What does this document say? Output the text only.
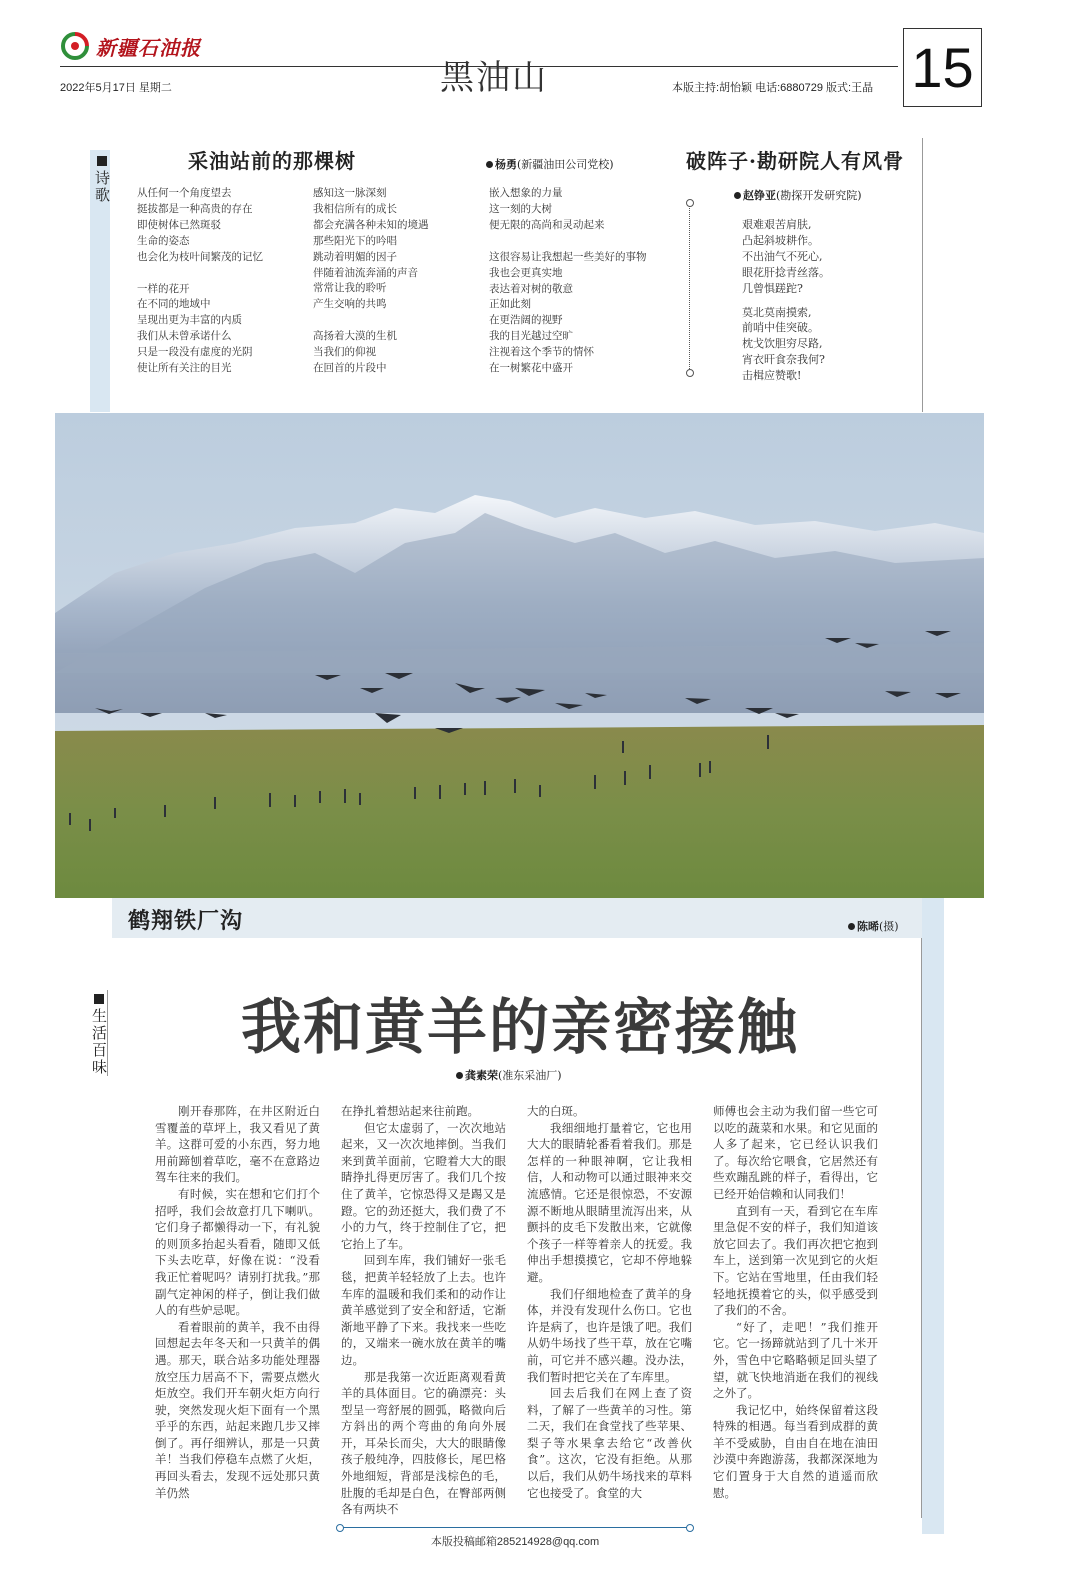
新疆石油报
黑油山
2022年5月17日 星期二	本版主持:胡怡颖 电话:6880729 版式:王晶 15
诗歌
采油站前的那棵树	杨勇(新疆油田公司党校)
从任何一个角度望去
挺拔都是一种高贵的存在
即使树体已然斑驳
生命的姿态
也会化为枝叶间繁茂的记忆
一样的花开
在不同的地域中
呈现出更为丰富的内质
我们从未曾承诺什么
只是一段没有虚度的光阴
使让所有关注的目光
感知这一脉深刻
我相信所有的成长
都会充满各种未知的境遇
那些阳光下的吟唱
跳动着明媚的因子
伴随着油流奔涌的声音
常常让我的聆听
产生交响的共鸣
高扬着大漠的生机
当我们的仰视
在回首的片段中
嵌入想象的力量
这一刻的大树
便无限的高尚和灵动起来
这很容易让我想起一些美好的事物
我也会更真实地
表达着对树的敬意
正如此刻
在更浩阔的视野
我的目光越过空旷
注视着这个季节的情怀
在一树繁花中盛开
破阵子·勘研院人有风骨
赵铮亚(勘探开发研究院)
艰难艰苦肩肤,
凸起斜坡耕作。
不出油气不死心,
眼花肝捻青丝落。
几曾惧蹉跎?
莫北莫南摸索,
前哨中佳突破。
枕戈饮胆穷尽路,
宵衣旰食奈我何?
击楫应赞歌!
鹤翔铁厂沟	陈晞(摄)
生活百味	我和黄羊的亲密接触
龚素荣(准东采油厂)

刚开春那阵，在井区附近白雪覆盖的草坪上，我又看见了黄羊。这群可爱的小东西，努力地用前蹄刨着草吃，毫不在意路边驾车往来的我们。

有时候，实在想和它们打个招呼，我们会故意打几下喇叭。它们身子都懒得动一下，有礼貌的则顶多抬起头看看，随即又低下头去吃草，好像在说：“没看我正忙着呢吗？请别打扰我。”那副气定神闲的样子，倒让我们做人的有些妒忌呢。

看着眼前的黄羊，我不由得回想起去年冬天和一只黄羊的偶遇。那天，联合站多功能处理器放空压力居高不下，需要点燃火炬放空。我们开车朝火炬方向行驶，突然发现火炬下面有一个黑乎乎的东西，站起来跑几步又摔倒了。再仔细辨认，那是一只黄羊！当我们停稳车点燃了火炬，再回头看去，发现不远处那只黄羊仍然

在挣扎着想站起来往前跑。

但它太虚弱了，一次次地站起来，又一次次地摔倒。当我们来到黄羊面前，它瞪着大大的眼睛挣扎得更厉害了。我们几个按住了黄羊，它惊恐得又是踢又是蹬。它的劲还挺大，我们费了不小的力气，终于控制住了它，把它抬上了车。

回到车库，我们铺好一张毛毯，把黄羊轻轻放了上去。也许车库的温暖和我们柔和的动作让黄羊感觉到了安全和舒适，它渐渐地平静了下来。我找来一些吃的，又端来一碗水放在黄羊的嘴边。

那是我第一次近距离观看黄羊的具体面目。它的确漂亮：头型呈一弯舒展的圆弧，略微向后方斜出的两个弯曲的角向外展开，耳朵长而尖，大大的眼睛像孩子般纯净，四肢修长，尾巴格外地细短，背部是浅棕色的毛，肚腹的毛却是白色，在臀部两侧各有两块不

大的白斑。

我细细地打量着它，它也用大大的眼睛轮番看着我们。那是怎样的一种眼神啊，它让我相信，人和动物可以通过眼神来交流感情。它还是很惊恐，不安源源不断地从眼睛里流泻出来，从颤抖的皮毛下发散出来，它就像个孩子一样等着亲人的抚爱。我伸出手想摸摸它，它却不停地躲避。

我们仔细地检查了黄羊的身体，并没有发现什么伤口。它也许是病了，也许是饿了吧。我们从奶牛场找了些干草，放在它嘴前，可它并不感兴趣。没办法，我们暂时把它关在了车库里。

回去后我们在网上查了资料，了解了一些黄羊的习性。第二天，我们在食堂找了些苹果、梨子等水果拿去给它“改善伙食”。这次，它没有拒绝。从那以后，我们从奶牛场找来的草料它也接受了。食堂的大

师傅也会主动为我们留一些它可以吃的蔬菜和水果。和它见面的人多了起来，它已经认识我们了。每次给它喂食，它居然还有些欢蹦乱跳的样子，看得出，它已经开始信赖和认同我们！

直到有一天，看到它在车库里急促不安的样子，我们知道该放它回去了。我们再次把它抱到车上，送到第一次见到它的火炬下。它站在雪地里，任由我们轻轻地抚摸着它的头，似乎感受到了我们的不舍。

“好了，走吧！”我们推开它。它一扬蹄就站到了几十米开外，雪色中它略略顿足回头望了望，就飞快地消逝在我们的视线之外了。

我记忆中，始终保留着这段特殊的相遇。每当看到成群的黄羊不受威胁，自由自在地在油田沙漠中奔跑游荡，我都深深地为它们置身于大自然的逍遥而欣慰。

本版投稿邮箱285214928@qq.com
